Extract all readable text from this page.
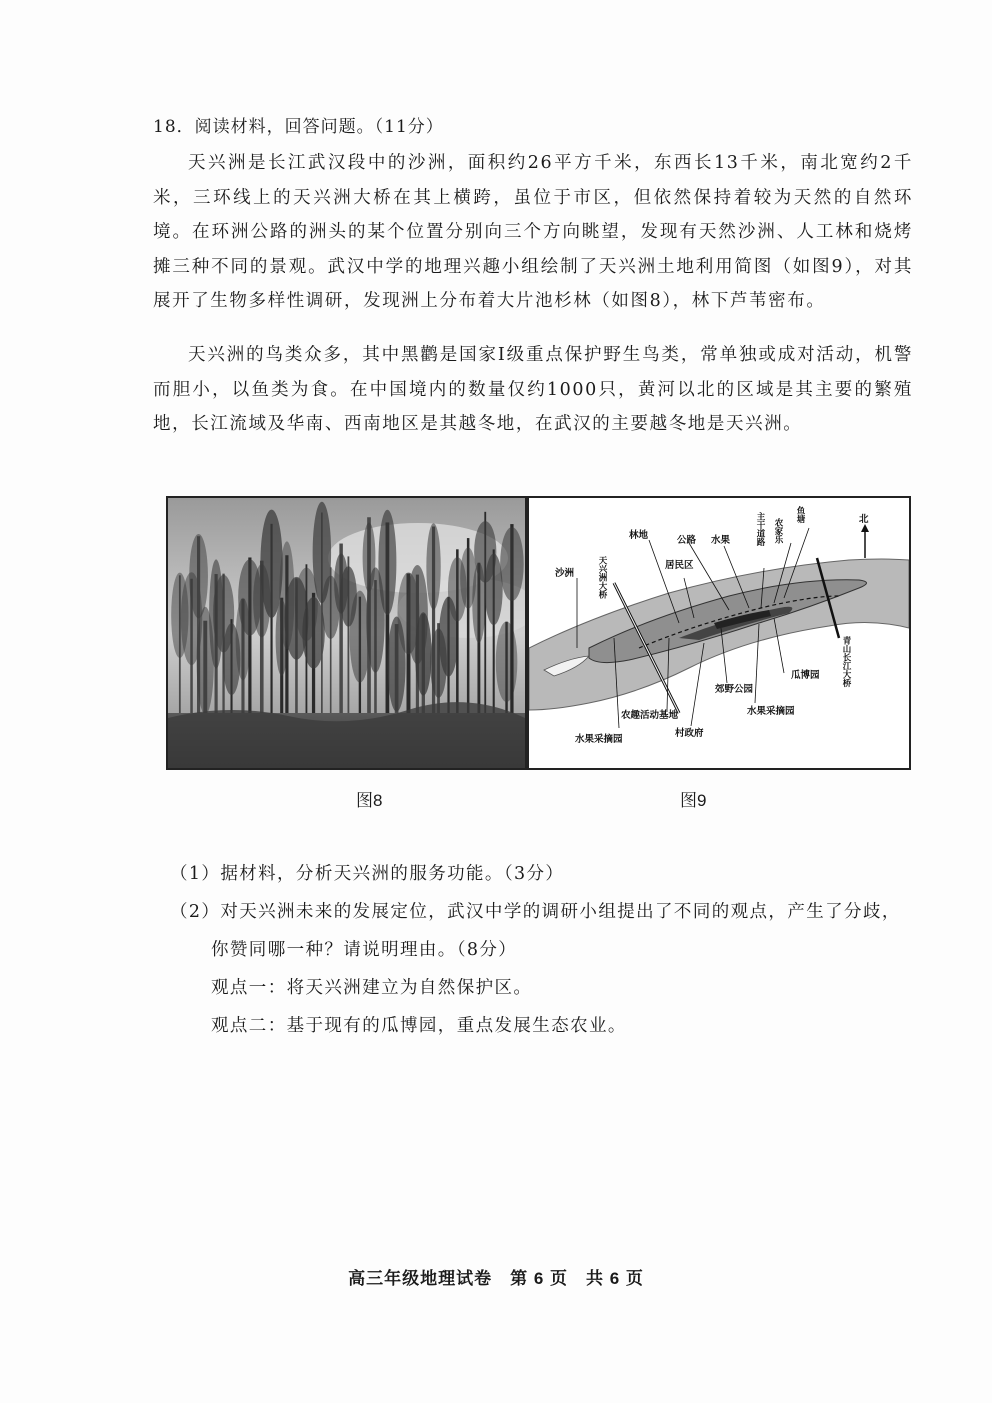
18．阅读材料，回答问题。（11分）
天兴洲是长江武汉段中的沙洲，面积约26平方千米，东西长13千米，南北宽约2千米，三环线上的天兴洲大桥在其上横跨，虽位于市区，但依然保持着较为天然的自然环境。在环洲公路的洲头的某个位置分别向三个方向眺望，发现有天然沙洲、人工林和烧烤摊三种不同的景观。武汉中学的地理兴趣小组绘制了天兴洲土地利用简图（如图9），对其展开了生物多样性调研，发现洲上分布着大片池杉林（如图8），林下芦苇密布。
天兴洲的鸟类众多，其中黑鹳是国家Ⅰ级重点保护野生鸟类，常单独或成对活动，机警而胆小，以鱼类为食。在中国境内的数量仅约1000只，黄河以北的区域是其主要的繁殖地，长江流域及华南、西南地区是其越冬地，在武汉的主要越冬地是天兴洲。
北
沙洲
林地	公路 水果
居民区
瓜博园
郊野公园
水果采摘园
农趣活动基地
村政府
水果采摘园
天兴洲大桥
主干道路 农家乐
鱼塘
青山长江大桥
图8	图9
（1）据材料，分析天兴洲的服务功能。（3分）
（2）对天兴洲未来的发展定位，武汉中学的调研小组提出了不同的观点，产生了分歧，
你赞同哪一种？请说明理由。（8分）
观点一：将天兴洲建立为自然保护区。
观点二：基于现有的瓜博园，重点发展生态农业。
高三年级地理试卷　第 6 页　共 6 页
